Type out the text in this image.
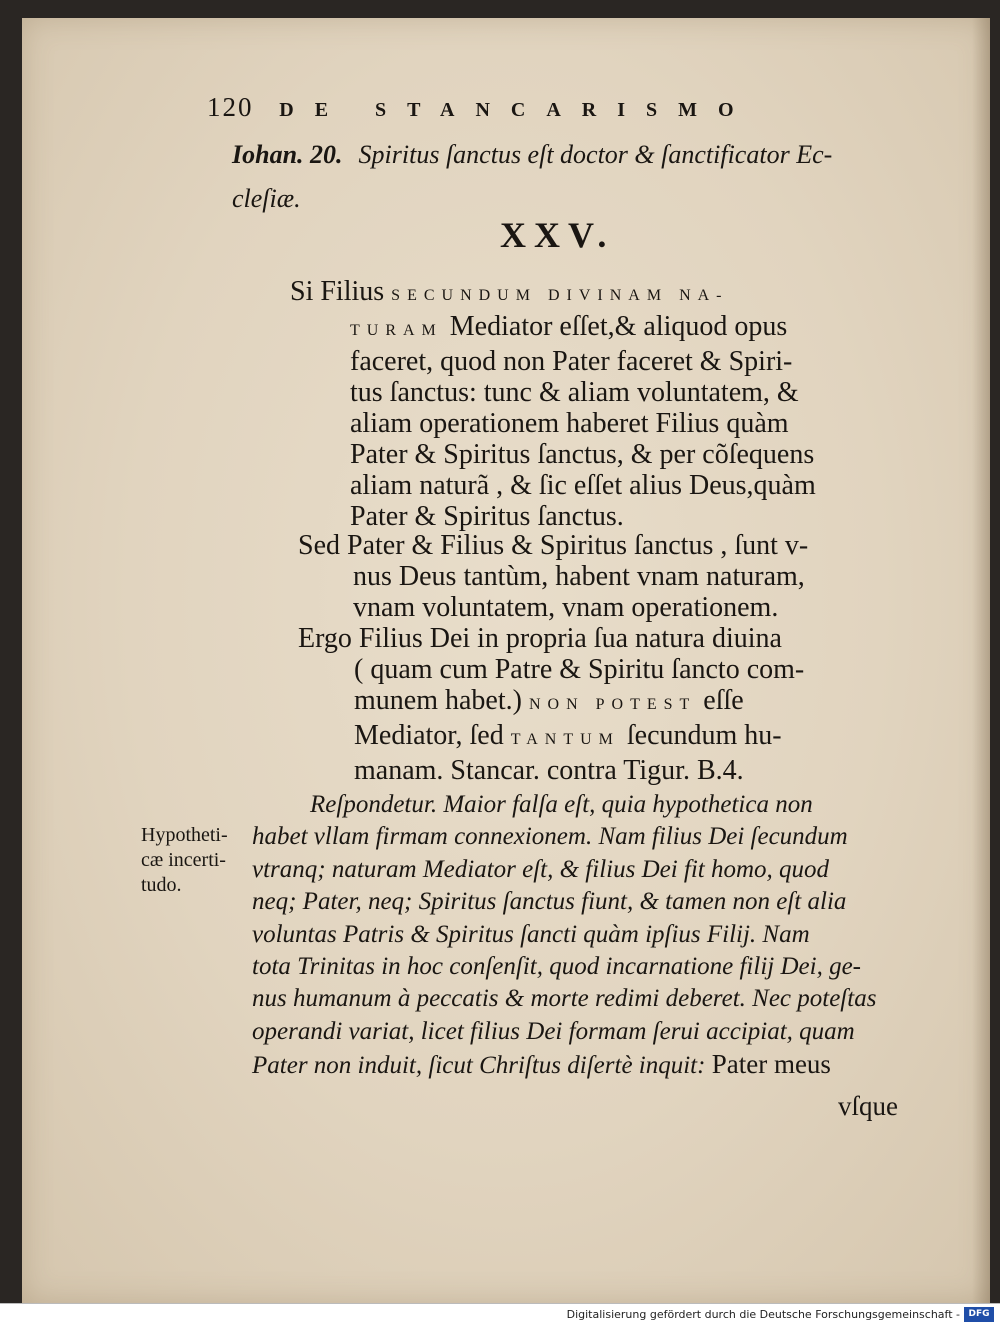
120 DE STANCARISMO
Iohan. 20. Spiritus ſanctus eſt doctor & ſanctificator Ec-
cleſiæ.
XXV.
Si Filius SECUNDUM DIVINAM NA-
TURAM Mediator eſſet,& aliquod opus
faceret, quod non Pater faceret & Spiri-
tus ſanctus: tunc & aliam voluntatem, &
aliam operationem haberet Filius quàm
Pater & Spiritus ſanctus, & per cõſequens
aliam naturã , & ſic eſſet alius Deus,quàm
Pater & Spiritus ſanctus.
Sed Pater & Filius & Spiritus ſanctus , ſunt v-
nus Deus tantùm, habent vnam naturam,
vnam voluntatem, vnam operationem.
Ergo Filius Dei in propria ſua natura diuina
( quam cum Patre & Spiritu ſancto com-
munem habet.) NON POTEST eſſe
Mediator, ſed TANTUM ſecundum hu-
manam. Stancar. contra Tigur. B.4.
Hypotheti-
cæ incerti-
tudo.
Reſpondetur. Maior falſa eſt, quia hypothetica non
habet vllam firmam connexionem. Nam filius Dei ſecundum
vtranq; naturam Mediator eſt, & filius Dei fit homo, quod
neq; Pater, neq; Spiritus ſanctus fiunt, & tamen non eſt alia
voluntas Patris & Spiritus ſancti quàm ipſius Filij. Nam
tota Trinitas in hoc conſenſit, quod incarnatione filij Dei, ge-
nus humanum à peccatis & morte redimi deberet. Nec poteſtas
operandi variat, licet filius Dei formam ſerui accipiat, quam
Pater non induit, ſicut Chriſtus diſertè inquit: Pater meus
vſque
Digitalisierung gefördert durch die Deutsche Forschungsgemeinschaft - DFG
